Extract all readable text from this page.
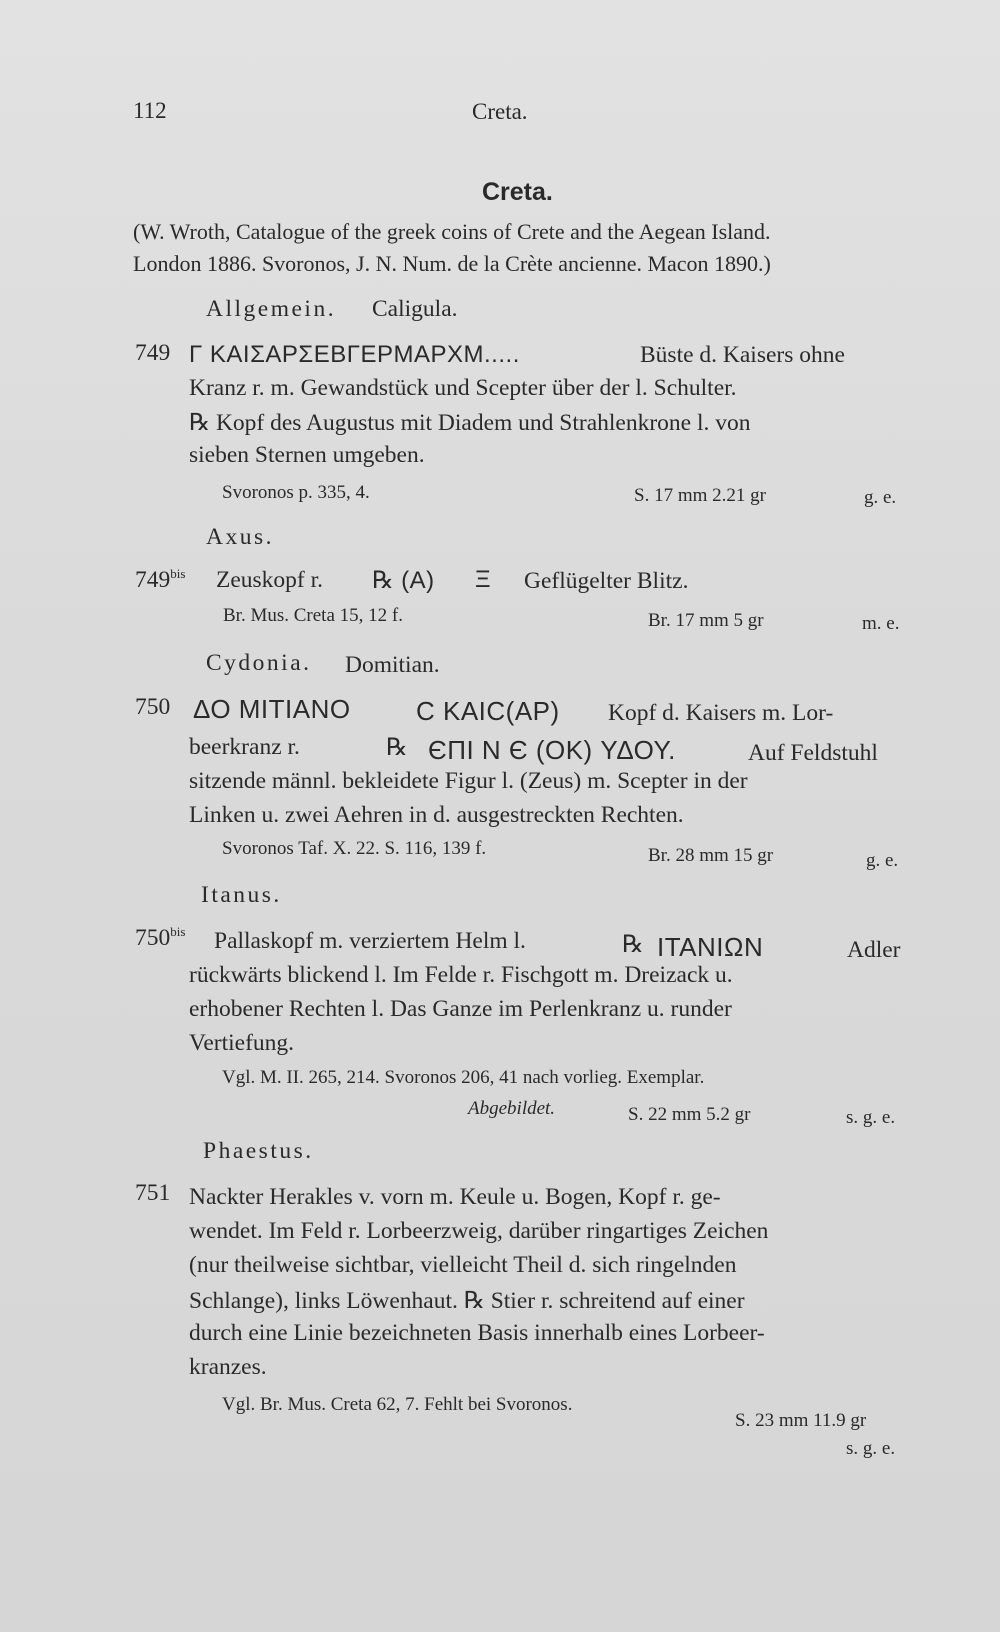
112	Creta.
Creta.
(W. Wroth, Catalogue of the greek coins of Crete and the Aegean Island.
London 1886. Svoronos, J. N. Num. de la Crète ancienne. Macon 1890.)
Allgemein. Caligula.
749 Γ ΚΑΙΣΑΡΣΕΒΓΕΡΜΑΡΧΜ.....	Büste d. Kaisers ohne
Kranz r. m. Gewandstück und Scepter über der l. Schulter.
℞ Kopf des Augustus mit Diadem und Strahlenkrone l. von
sieben Sternen umgeben.
Svoronos p. 335, 4.	S. 17 mm 2.21 gr	g. e.
Axus.
$749^{bis}$ Zeuskopf r. ℞ (A) Ξ Geflügelter Blitz.
Br. Mus. Creta 15, 12 f.	Br. 17 mm 5 gr	m. e.
Cydonia. Domitian.
750 ΔΟ ΜΙΤΙΑΝΟ	C ΚΑΙC(ΑΡ) Kopf d. Kaisers m. Lor-
beerkranz r.	℞ ЄΠΙ Ν Є (ΟΚ) ΥΔΟΥ.	Auf Feldstuhl
sitzende männl. bekleidete Figur l. (Zeus) m. Scepter in der
Linken u. zwei Aehren in d. ausgestreckten Rechten.
Svoronos Taf. X. 22. S. 116, 139 f.	Br. 28 mm 15 gr	g. e.
Itanus.
$750^{bis}$ Pallaskopf m. verziertem Helm l.	℞ ΙΤΑΝΙΩΝ	Adler
rückwärts blickend l. Im Felde r. Fischgott m. Dreizack u.
erhobener Rechten l. Das Ganze im Perlenkranz u. runder
Vertiefung.
Vgl. M. II. 265, 214. Svoronos 206, 41 nach vorlieg. Exemplar.
Abgebildet.	S. 22 mm 5.2 gr	s. g. e.
Phaestus.
751 Nackter Herakles v. vorn m. Keule u. Bogen, Kopf r. ge-
wendet. Im Feld r. Lorbeerzweig, darüber ringartiges Zeichen
(nur theilweise sichtbar, vielleicht Theil d. sich ringelnden
Schlange), links Löwenhaut. ℞ Stier r. schreitend auf einer
durch eine Linie bezeichneten Basis innerhalb eines Lorbeer-
kranzes.
Vgl. Br. Mus. Creta 62, 7. Fehlt bei Svoronos.
S. 23 mm 11.9 gr
s. g. e.
